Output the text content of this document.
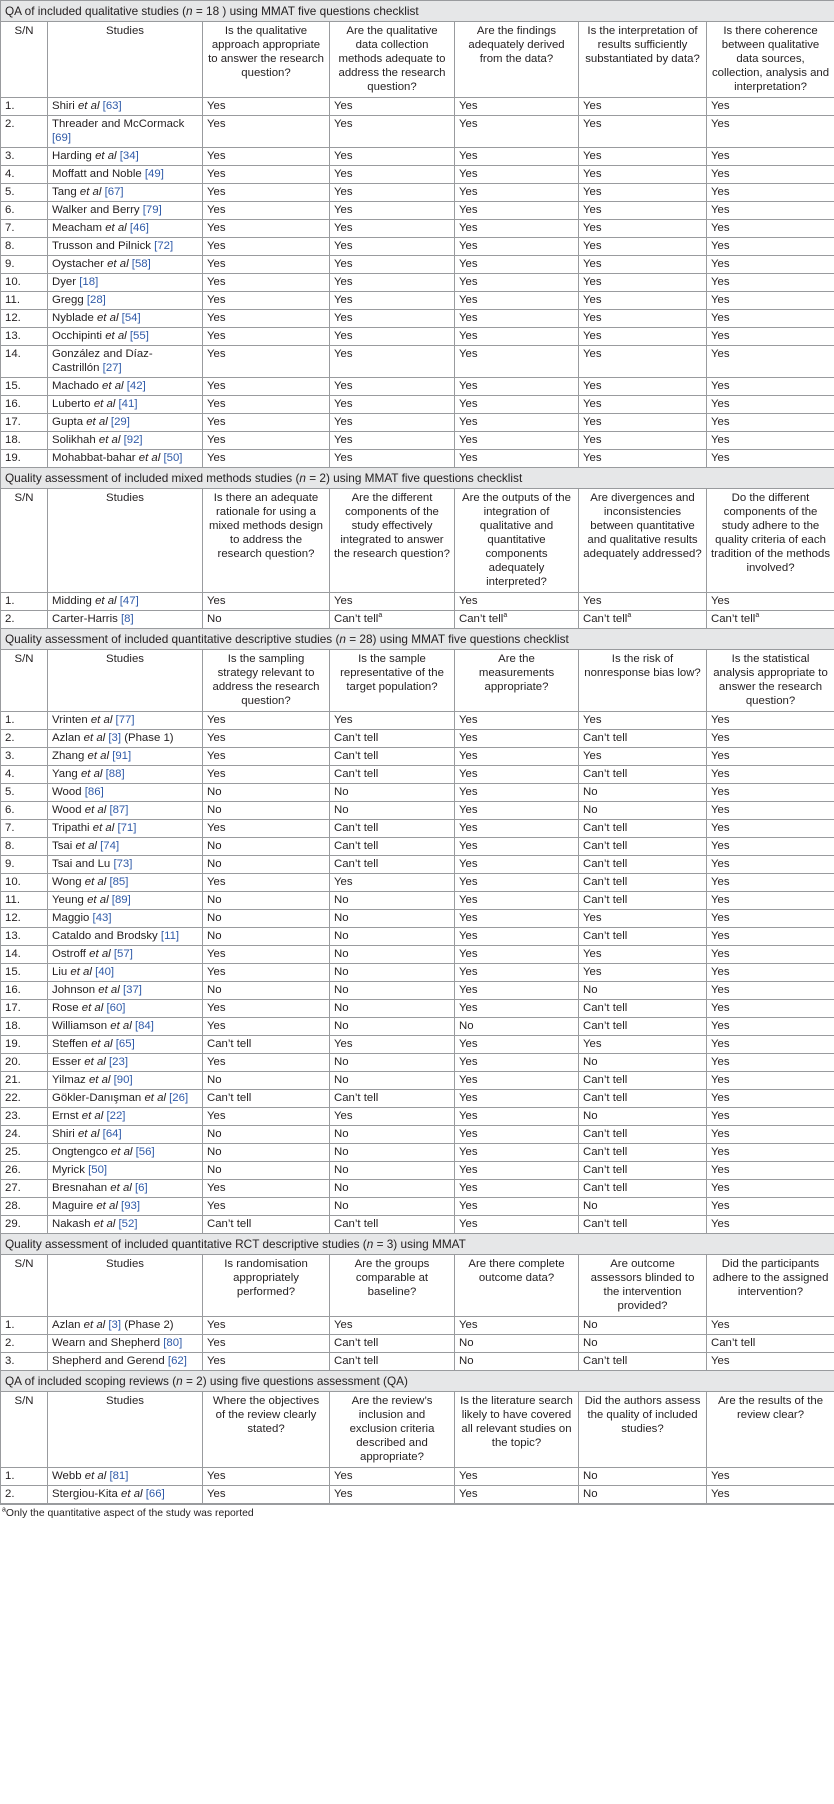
QA of included qualitative studies (n = 18 ) using MMAT five questions checklist						
S/N	Studies	Is the qualitative approach appropriate to answer the research question?	Are the qualitative data collection methods adequate to address the research question?	Are the findings adequately derived from the data?	Is the interpretation of results sufficiently substantiated by data?	Is there coherence between qualitative data sources, collection, analysis and interpretation?
1.	Shiri et al [63]	Yes	Yes	Yes	Yes	Yes
2.	Threader and McCormack [69]	Yes	Yes	Yes	Yes	Yes
3.	Harding et al [34]	Yes	Yes	Yes	Yes	Yes
4.	Moffatt and Noble [49]	Yes	Yes	Yes	Yes	Yes
5.	Tang et al [67]	Yes	Yes	Yes	Yes	Yes
6.	Walker and Berry [79]	Yes	Yes	Yes	Yes	Yes
7.	Meacham et al [46]	Yes	Yes	Yes	Yes	Yes
8.	Trusson and Pilnick [72]	Yes	Yes	Yes	Yes	Yes
9.	Oystacher et al [58]	Yes	Yes	Yes	Yes	Yes
10.	Dyer [18]	Yes	Yes	Yes	Yes	Yes
11.	Gregg [28]	Yes	Yes	Yes	Yes	Yes
12.	Nyblade et al [54]	Yes	Yes	Yes	Yes	Yes
13.	Occhipinti et al [55]	Yes	Yes	Yes	Yes	Yes
14.	González and Díaz-Castrillón [27]	Yes	Yes	Yes	Yes	Yes
15.	Machado et al [42]	Yes	Yes	Yes	Yes	Yes
16.	Luberto et al [41]	Yes	Yes	Yes	Yes	Yes
17.	Gupta et al [29]	Yes	Yes	Yes	Yes	Yes
18.	Solikhah et al [92]	Yes	Yes	Yes	Yes	Yes
19.	Mohabbat-bahar et al [50]	Yes	Yes	Yes	Yes	Yes
Quality assessment of included mixed methods studies (n = 2) using MMAT five questions checklist						
S/N	Studies	Is there an adequate rationale for using a mixed methods design to address the research question?	Are the different components of the study effectively integrated to answer the research question?	Are the outputs of the integration of qualitative and quantitative components adequately interpreted?	Are divergences and inconsistencies between quantitative and qualitative results adequately addressed?	Do the different components of the study adhere to the quality criteria of each tradition of the methods involved?
1.	Midding et al [47]	Yes	Yes	Yes	Yes	Yes
2.	Carter-Harris [8]	No	Can’t tell$^a$	Can’t tell$^a$	Can’t tell$^a$	Can’t tell$^a$
Quality assessment of included quantitative descriptive studies (n = 28) using MMAT five questions checklist						
S/N	Studies	Is the sampling strategy relevant to address the research question?	Is the sample representative of the target population?	Are the measurements appropriate?	Is the risk of nonresponse bias low?	Is the statistical analysis appropriate to answer the research question?
1.	Vrinten et al [77]	Yes	Yes	Yes	Yes	Yes
2.	Azlan et al [3] (Phase 1)	Yes	Can’t tell	Yes	Can’t tell	Yes
3.	Zhang et al [91]	Yes	Can’t tell	Yes	Yes	Yes
4.	Yang et al [88]	Yes	Can’t tell	Yes	Can’t tell	Yes
5.	Wood [86]	No	No	Yes	No	Yes
6.	Wood et al [87]	No	No	Yes	No	Yes
7.	Tripathi et al [71]	Yes	Can’t tell	Yes	Can’t tell	Yes
8.	Tsai et al [74]	No	Can’t tell	Yes	Can’t tell	Yes
9.	Tsai and Lu [73]	No	Can’t tell	Yes	Can’t tell	Yes
10.	Wong et al [85]	Yes	Yes	Yes	Can’t tell	Yes
11.	Yeung et al [89]	No	No	Yes	Can’t tell	Yes
12.	Maggio [43]	No	No	Yes	Yes	Yes
13.	Cataldo and Brodsky [11]	No	No	Yes	Can’t tell	Yes
14.	Ostroff et al [57]	Yes	No	Yes	Yes	Yes
15.	Liu et al [40]	Yes	No	Yes	Yes	Yes
16.	Johnson et al [37]	No	No	Yes	No	Yes
17.	Rose et al [60]	Yes	No	Yes	Can’t tell	Yes
18.	Williamson et al [84]	Yes	No	No	Can’t tell	Yes
19.	Steffen et al [65]	Can’t tell	Yes	Yes	Yes	Yes
20.	Esser et al [23]	Yes	No	Yes	No	Yes
21.	Yilmaz et al [90]	No	No	Yes	Can’t tell	Yes
22.	Gökler-Danışman et al [26]	Can’t tell	Can’t tell	Yes	Can’t tell	Yes
23.	Ernst et al [22]	Yes	Yes	Yes	No	Yes
24.	Shiri et al [64]	No	No	Yes	Can’t tell	Yes
25.	Ongtengco et al [56]	No	No	Yes	Can’t tell	Yes
26.	Myrick [50]	No	No	Yes	Can’t tell	Yes
27.	Bresnahan et al [6]	Yes	No	Yes	Can’t tell	Yes
28.	Maguire et al [93]	Yes	No	Yes	No	Yes
29.	Nakash et al [52]	Can’t tell	Can’t tell	Yes	Can’t tell	Yes
Quality assessment of included quantitative RCT descriptive studies (n = 3) using MMAT						
S/N	Studies	Is randomisation appropriately performed?	Are the groups comparable at baseline?	Are there complete outcome data?	Are outcome assessors blinded to the intervention provided?	Did the participants adhere to the assigned intervention?
1.	Azlan et al [3] (Phase 2)	Yes	Yes	Yes	No	Yes
2.	Wearn and Shepherd [80]	Yes	Can’t tell	No	No	Can’t tell
3.	Shepherd and Gerend [62]	Yes	Can’t tell	No	Can’t tell	Yes
QA of included scoping reviews (n = 2) using five questions assessment (QA)						
S/N	Studies	Where the objectives of the review clearly stated?	Are the review’s inclusion and exclusion criteria described and appropriate?	Is the literature search likely to have covered all relevant studies on the topic?	Did the authors assess the quality of included studies?	Are the results of the review clear?
1.	Webb et al [81]	Yes	Yes	Yes	No	Yes
2.	Stergiou-Kita et al [66]	Yes	Yes	Yes	No	Yes
$^a$Only the quantitative aspect of the study was reported
